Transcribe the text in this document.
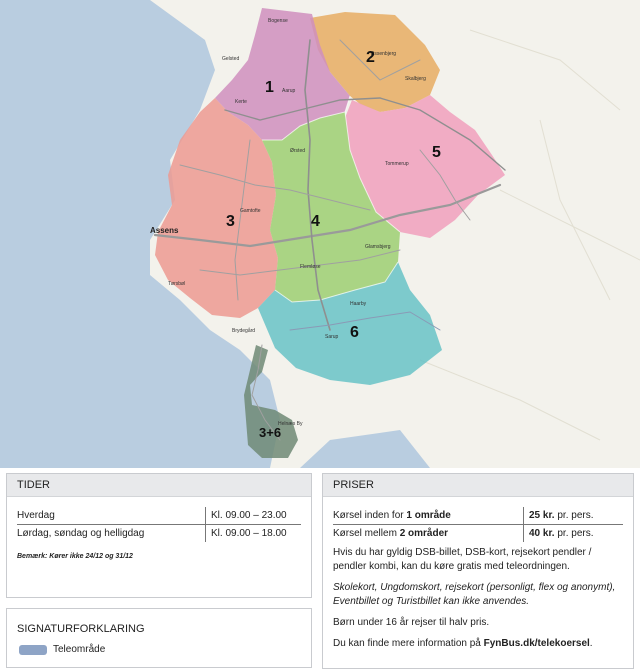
Gamtofte
Gelsted
Tommerup
Aarup
Haarby
Skalbjerg
Vissenbjerg
Glamsbjerg
Flemløse
Brydegård
Bogense
Helnæs By
Ørsted
Kerte
Sarup
Tørsbøl
Assens
1
2
3	4
5
6
3+6
TIDER
Hverdag	Kl. 09.00 – 23.00
Lørdag, søndag og helligdag	Kl. 09.00 – 18.00
Bemærk: Kører ikke 24/12 og 31/12
SIGNATURFORKLARING
Teleområde
PRISER
Kørsel inden for 1 område	25 kr. pr. pers.
Kørsel mellem 2 områder	40 kr. pr. pers.
Hvis du har gyldig DSB-billet, DSB-kort, rejsekort pendler / pendler kombi, kan du køre gratis med teleordningen.
Skolekort, Ungdomskort, rejsekort (personligt, flex og anonymt), Eventbillet og Turistbillet kan ikke anvendes.
Børn under 16 år rejser til halv pris.
Du kan finde mere information på FynBus.dk/telekoersel.
